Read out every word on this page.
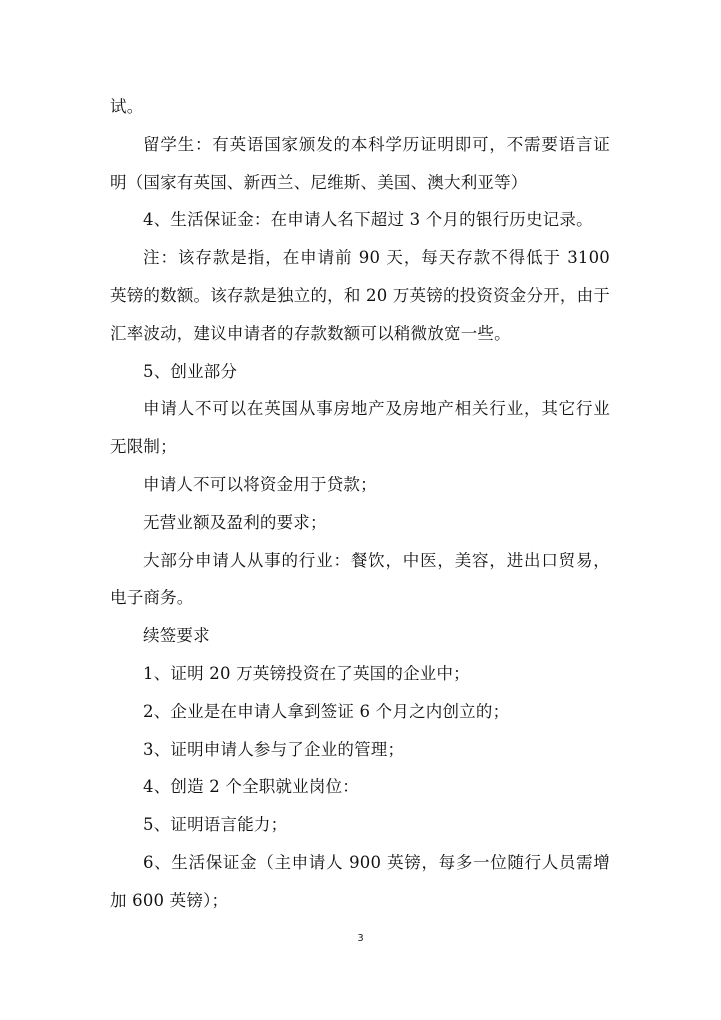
试。

留学生：有英语国家颁发的本科学历证明即可，不需要语言证明（国家有英国、新西兰、尼维斯、美国、澳大利亚等）

4、生活保证金：在申请人名下超过 3 个月的银行历史记录。

注：该存款是指，在申请前 90 天，每天存款不得低于 3100 英镑的数额。该存款是独立的，和 20 万英镑的投资资金分开，由于汇率波动，建议申请者的存款数额可以稍微放宽一些。

5、创业部分

申请人不可以在英国从事房地产及房地产相关行业，其它行业无限制；

申请人不可以将资金用于贷款；

无营业额及盈利的要求；

大部分申请人从事的行业：餐饮，中医，美容，进出口贸易，电子商务。

续签要求

1、证明 20 万英镑投资在了英国的企业中；

2、企业是在申请人拿到签证 6 个月之内创立的；

3、证明申请人参与了企业的管理；

4、创造 2 个全职就业岗位：

5、证明语言能力；

6、生活保证金（主申请人 900 英镑，每多一位随行人员需增加 600 英镑）；

3
